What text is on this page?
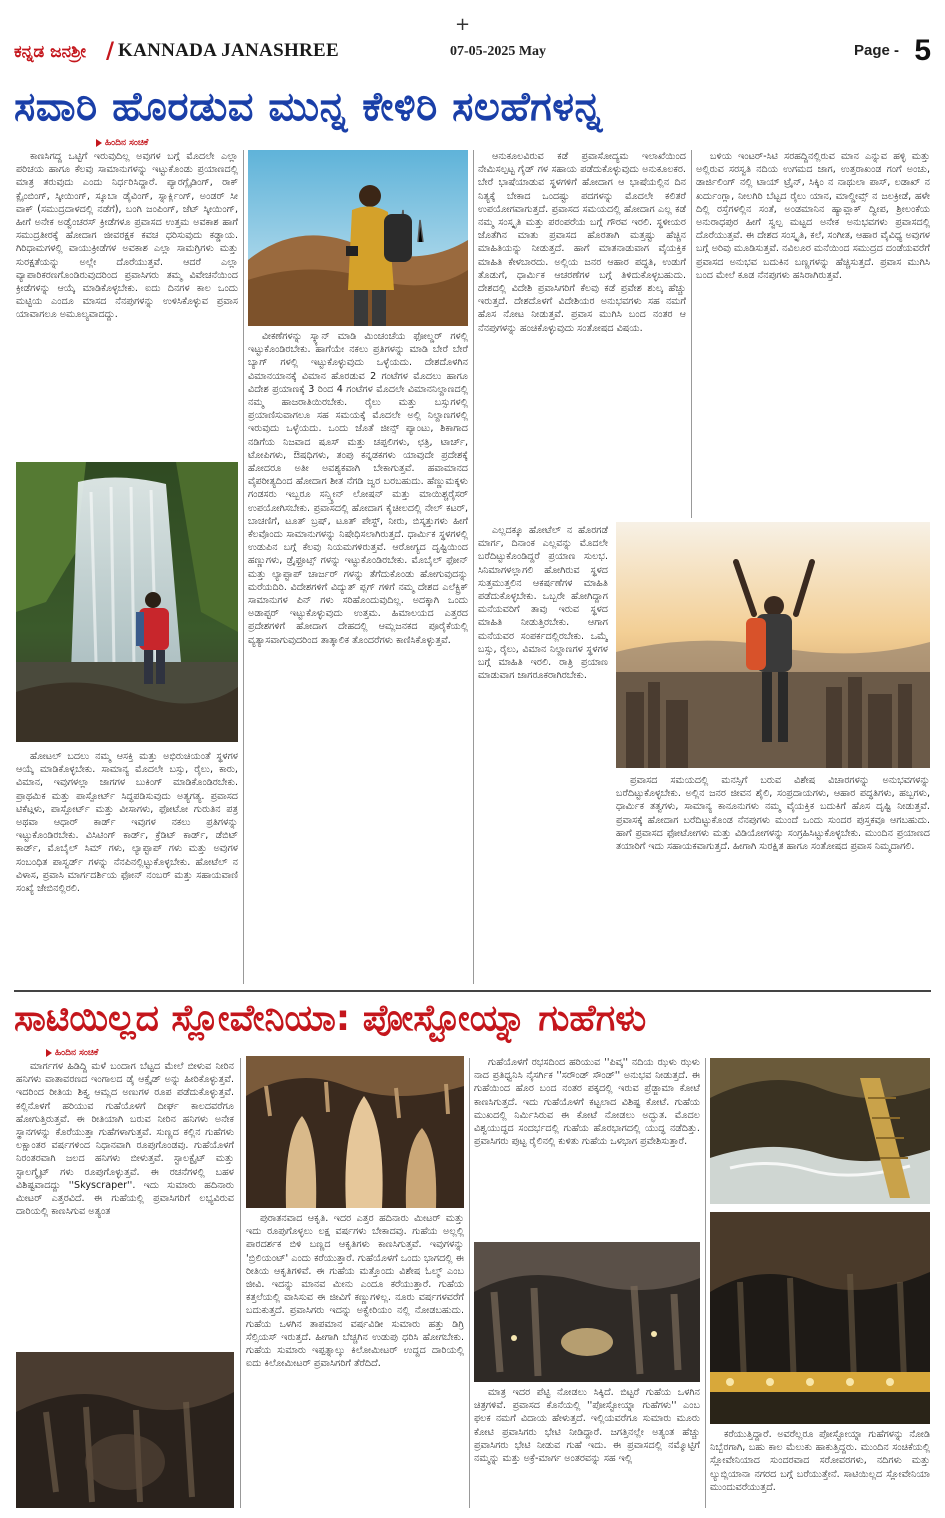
+
ಕನ್ನಡ ಜನಶ್ರೀ / KANNADA JANASHREE	07-05-2025 May	Page - 5
ಸವಾರಿ ಹೊರಡುವ ಮುನ್ನ ಕೇಳಿರಿ ಸಲಹೆಗಳನ್ನ
ಹಿಂದಿನ ಸಂಚಿಕೆ

ಕಾಣಸಿಗದ್ದ ಒಟ್ಟಿಗೆ ಇರುವುದಿಲ್ಲ ಅವುಗಳ ಬಗ್ಗೆ ಮೊದಲೇ ಎಲ್ಲಾ ಪರಿಚಯ ಹಾಗೂ ಕೆಲವು ಸಾಮಾನುಗಳನ್ನು ಇಟ್ಟುಕೊಂಡು ಪ್ರಯಾಣದಲ್ಲಿ ಮಾತ್ರ ತರುವುದು ಎಂದು ನಿರ್ಧರಿಸಿದ್ದಾರೆ. ಪ್ಯಾರಗ್ಲೈಡಿಂಗ್, ರಾಕ್ ಕ್ಲೈಂಬಿಂಗ್, ಸ್ಕೀಯಿಂಗ್, ಸ್ಕೂಬಾ ಡೈವಿಂಗ್, ಸ್ನಾರ್ಕ್ಲಿಂಗ್, ಅಂಡರ್ ಸೀ ವಾಕ್ (ಸಮುದ್ರದಾಳದಲ್ಲಿ ನಡೆಗೆ), ಬಂಗಿ ಜಂಪಿಂಗ್, ಜೆಟ್ ಸ್ಕೀಯಿಂಗ್, ಹೀಗೆ ಅನೇಕ ಅಡ್ವೆಂಚರಸ್ ಕ್ರೀಡೆಗಳೂ ಪ್ರವಾಸದ ಉತ್ತಮ ಅವಕಾಶ ಹಾಗೆ ಸಮುದ್ರತೀರಕ್ಕೆ ಹೋದಾಗ ಜೀವರಕ್ಷಕ ಕವಚ ಧರಿಸುವುದು ಕಡ್ಡಾಯ. ಗಿರಿಧಾಮಗಳಲ್ಲಿ ವಾಯುಕ್ರೀಡೆಗಳ ಅವಕಾಶ ಎಲ್ಲಾ ಸಾಮಗ್ರಿಗಳು ಮತ್ತು ಸುರಕ್ಷತೆಯನ್ನು ಅಲ್ಲೇ ದೊರೆಯುತ್ತವೆ. ಆದರೆ ಎಲ್ಲಾ ವ್ಯಾಪಾರಿಕರಣಗೊಂಡಿರುವುದರಿಂದ ಪ್ರವಾಸಿಗರು ತಮ್ಮ ವಿವೇಚನೆಯಿಂದ ಕ್ರೀಡೆಗಳನ್ನು ಆಯ್ಕೆ ಮಾಡಿಕೊಳ್ಳಬೇಕು. ಐದು ದಿನಗಳ ಕಾಲ ಒಂದು ಮಟ್ಟಿಯ ಎಂದೂ ಮಾಸದ ನೆನಪುಗಳನ್ನು ಉಳಿಸಿಕೊಳ್ಳುವ ಪ್ರವಾಸ ಯಾವಾಗಲೂ ಅಮೂಲ್ಯವಾದದ್ದು.

ಹೋಟಲ್ ಬದಲು ನಮ್ಮ ಆಸಕ್ತಿ ಮತ್ತು ಅಭಿರುಚಿಯಂತೆ ಸ್ಥಳಗಳ ಆಯ್ಕೆ ಮಾಡಿಕೊಳ್ಳಬೇಕು. ಸಾಮಾನ್ಯ ಮೊದಲೇ ಬಸ್ಸು, ರೈಲು, ಕಾರು, ವಿಮಾನ, ಇವುಗಳಲ್ಲಾ ಜಾಗಗಳ ಬುಕಿಂಗ್ ಮಾಡಿಕೊಂಡಿರಬೇಕು. ಪ್ರಾಥಮಿಕ ಮತ್ತು ಪಾಸ್ಪೋರ್ಟ್ ಸಿದ್ಧಪಡಿಸುವುದು ಅತ್ಯಗತ್ಯ. ಪ್ರವಾಸದ ಟಿಕೆಟ್ಗಳು, ಪಾಸ್ಪೋರ್ಟ್ ಮತ್ತು ವೀಸಾಗಳು, ಫೋಟೋ ಗುರುತಿನ ಪತ್ರ ಅಥವಾ ಆಧಾರ್ ಕಾರ್ಡ್ ಇವುಗಳ ನಕಲು ಪ್ರತಿಗಳನ್ನು ಇಟ್ಟುಕೊಂಡಿರಬೇಕು. ವಿಸಿಟಿಂಗ್ ಕಾರ್ಡ್, ಕ್ರೆಡಿಟ್ ಕಾರ್ಡ್, ಡೆಬಿಟ್ ಕಾರ್ಡ್, ಮೊಬೈಲ್ ಸಿಮ್ ಗಳು, ಲ್ಯಾಪ್ಟಾಪ್ ಗಳು ಮತ್ತು ಅವುಗಳ ಸಂಬಂಧಿತ ಪಾಸ್ವರ್ಡ್ ಗಳನ್ನು ನೆನಪಿನಲ್ಲಿಟ್ಟುಕೊಳ್ಳಬೇಕು. ಹೋಟೆಲ್ ನ ವಿಳಾಸ, ಪ್ರವಾಸಿ ಮಾರ್ಗದರ್ಶಿಯ ಫೋನ್ ನಂಬರ್ ಮತ್ತು ಸಹಾಯವಾಣಿ ಸಂಖ್ಯೆ ಜೇಬಿನಲ್ಲಿರಲಿ.

ವೀಕಣೆಗಳನ್ನು ಸ್ಕ್ಯಾನ್ ಮಾಡಿ ಮಿಂಚಂಚೆಯ ಫೋಲ್ಡರ್ ಗಳಲ್ಲಿ ಇಟ್ಟುಕೊಂಡಿರಬೇಕು. ಹಾಗೆಯೇ ನಕಲು ಪ್ರತಿಗಳನ್ನು ಮಾಡಿ ಬೇರೆ ಬೇರೆ ಬ್ಯಾಗ್ ಗಳಲ್ಲಿ ಇಟ್ಟುಕೊಳ್ಳುವುದು ಒಳ್ಳೆಯದು. ದೇಶದೊಳಗಿನ ವಿಮಾನಯಾನಕ್ಕೆ ವಿಮಾನ ಹೊರಡುವ 2 ಗಂಟೆಗಳ ಮೊದಲು ಹಾಗೂ ವಿದೇಶ ಪ್ರಯಾಣಕ್ಕೆ 3 ರಿಂದ 4 ಗಂಟೆಗಳ ಮೊದಲೇ ವಿಮಾನನಿಲ್ದಾಣದಲ್ಲಿ ನಮ್ಮ ಹಾಜರಾತಿಯಿರಬೇಕು. ರೈಲು ಮತ್ತು ಬಸ್ಸುಗಳಲ್ಲಿ ಪ್ರಯಾಣಿಸುವಾಗಲೂ ಸಹ ಸಮಯಕ್ಕೆ ಮೊದಲೇ ಅಲ್ಲಿ ನಿಲ್ದಾಣಗಳಲ್ಲಿ ಇರುವುದು ಒಳ್ಳೆಯದು. ಒಂದು ಜೊತೆ ಜೀನ್ಸ್ ಪ್ಯಾಂಟು, ಶಿಕಾಗಾದ ನಡಿಗೆಯ ನಿಜವಾದ ಷೂಸ್ ಮತ್ತು ಚಪ್ಪಲಿಗಳು, ಛತ್ರಿ, ಟಾರ್ಚ್, ಟೋಪಿಗಳು, ಔಷಧಿಗಳು, ತಂಪು ಕನ್ನಡಕಗಳು ಯಾವುದೇ ಪ್ರದೇಶಕ್ಕೆ ಹೋದರೂ ಅತೀ ಅವಶ್ಯಕವಾಗಿ ಬೇಕಾಗುತ್ತವೆ. ಹವಾಮಾನದ ವೈಪರೀತ್ಯದಿಂದ ಹೋದಾಗ ಶೀತ ನೆಗಡಿ ಜ್ವರ ಬರಬಹುದು. ಹೆಣ್ಣುಮಕ್ಕಳು ಗಂಡಸರು ಇಬ್ಬರೂ ಸನ್ಸ್ಕ್ರೀನ್ ಲೋಷನ್ ಮತ್ತು ಮಾಯಿಶ್ಚರೈಸರ್ ಉಪಯೋಗಿಸಬೇಕು. ಪ್ರವಾಸದಲ್ಲಿ ಹೋದಾಗ ಕೈಚೀಲದಲ್ಲಿ ನೇಲ್ ಕಟರ್, ಬಾಚಣಿಗೆ, ಟೂತ್ ಬ್ರಷ್, ಟೂತ್ ಪೇಸ್ಟ್, ನೀರು, ಬಿಸ್ಕತ್ತುಗಳು ಹೀಗೆ ಕೆಲವೊಂದು ಸಾಮಾನುಗಳನ್ನು ನಿಷೇಧಿಸಲಾಗಿರುತ್ತದೆ. ಧಾರ್ಮಿಕ ಸ್ಥಳಗಳಲ್ಲಿ ಉಡುಪಿನ ಬಗ್ಗೆ ಕೆಲವು ನಿಯಮಗಳಿರುತ್ತವೆ. ಆರೋಗ್ಯದ ದೃಷ್ಟಿಯಿಂದ ಹಣ್ಣುಗಳು, ಡ್ರೈಫ್ರೂಟ್ಸ್ ಗಳನ್ನು ಇಟ್ಟುಕೊಂಡಿರಬೇಕು. ಮೊಬೈಲ್ ಫೋನ್ ಮತ್ತು ಲ್ಯಾಪ್ಟಾಪ್ ಚಾರ್ಜರ್ ಗಳನ್ನು ತೆಗೆದುಕೊಂಡು ಹೋಗುವುದನ್ನು ಮರೆಯದಿರಿ. ವಿದೇಶಗಳಿಗೆ ವಿದ್ಯುತ್ ಪ್ಲಗ್ ಗಳಿಗೆ ನಮ್ಮ ದೇಶದ ಎಲೆಕ್ಟ್ರಿಕ್ ಸಾಮಾನುಗಳ ಪಿನ್ ಗಳು ಸರಿಹೊಂದುವುದಿಲ್ಲ. ಅದಕ್ಕಾಗಿ ಒಂದು ಅಡಾಪ್ಟರ್ ಇಟ್ಟುಕೊಳ್ಳುವುದು ಉತ್ತಮ. ಹಿಮಾಲಯದ ಎತ್ತರದ ಪ್ರದೇಶಗಳಿಗೆ ಹೋದಾಗ ದೇಹದಲ್ಲಿ ಆಮ್ಲಜನಕದ ಪೂರೈಕೆಯಲ್ಲಿ ವ್ಯತ್ಯಾಸವಾಗುವುದರಿಂದ ತಾತ್ಕಾಲಿಕ ತೊಂದರೆಗಳು ಕಾಣಿಸಿಕೊಳ್ಳುತ್ತವೆ.

ಆನುಕೂಲವಿರುವ ಕಡೆ ಪ್ರವಾಸೋದ್ಯಮ ಇಲಾಖೆಯಿಂದ ನೇಮಿಸಲ್ಪಟ್ಟ ಗೈಡ್ ಗಳ ಸಹಾಯ ಪಡೆದುಕೊಳ್ಳುವುದು ಅನುಕೂಲಕರ. ಬೇರೆ ಭಾಷೆಯಾಡುವ ಸ್ಥಳಗಳಿಗೆ ಹೋದಾಗ ಆ ಭಾಷೆಯಲ್ಲಿನ ದಿನ ನಿತ್ಯಕ್ಕೆ ಬೇಕಾದ ಒಂದಷ್ಟು ಪದಗಳನ್ನು ಮೊದಲೇ ಕಲಿತರೆ ಉಪಯೋಗವಾಗುತ್ತದೆ. ಪ್ರವಾಸದ ಸಮಯದಲ್ಲಿ ಹೋದಾಗ ಎಲ್ಲ ಕಡೆ ನಮ್ಮ ಸಂಸ್ಕೃತಿ ಮತ್ತು ಪರಂಪರೆಯ ಬಗ್ಗೆ ಗೌರವ ಇರಲಿ. ಸ್ಥಳೀಯರ ಜೊತೆಗಿನ ಮಾತು ಪ್ರವಾಸದ ಹೊರತಾಗಿ ಮತ್ತಷ್ಟು ಹೆಚ್ಚಿನ ಮಾಹಿತಿಯನ್ನು ನೀಡುತ್ತದೆ. ಹಾಗೆ ಮಾತನಾಡುವಾಗ ವೈಯಕ್ತಿಕ ಮಾಹಿತಿ ಕೇಳಬಾರದು. ಅಲ್ಲಿಯ ಜನರ ಆಹಾರ ಪದ್ಧತಿ, ಉಡುಗೆ ತೊಡುಗೆ, ಧಾರ್ಮಿಕ ಆಚರಣೆಗಳ ಬಗ್ಗೆ ತಿಳಿದುಕೊಳ್ಳಬಹುದು. ದೇಶದಲ್ಲಿ ವಿದೇಶಿ ಪ್ರವಾಸಿಗರಿಗೆ ಕೆಲವು ಕಡೆ ಪ್ರವೇಶ ಶುಲ್ಕ ಹೆಚ್ಚು ಇರುತ್ತದೆ. ದೇಶದೊಳಗೆ ವಿದೇಶಿಯರ ಅನುಭವಗಳು ಸಹ ನಮಗೆ ಹೊಸ ನೋಟ ನೀಡುತ್ತವೆ. ಪ್ರವಾಸ ಮುಗಿಸಿ ಬಂದ ನಂತರ ಆ ನೆನಪುಗಳನ್ನು ಹಂಚಿಕೊಳ್ಳುವುದು ಸಂತೋಷದ ವಿಷಯ.

ಎಲ್ಲದಕ್ಕೂ ಹೋಟೆಲ್ ನ ಹೊರಗಡೆ ಮಾರ್ಗ, ದಿನಾಂಕ ಎಲ್ಲವನ್ನು ಮೊದಲೇ ಬರೆದಿಟ್ಟುಕೊಂಡಿದ್ದರೆ ಪ್ರಯಾಣ ಸುಲಭ. ಸಿನಿಮಾಗಳಲ್ಲಾಗಲಿ ಹೋಗಿರುವ ಸ್ಥಳದ ಸುತ್ತಮುತ್ತಲಿನ ಆಕರ್ಷಣೆಗಳ ಮಾಹಿತಿ ಪಡೆದುಕೊಳ್ಳಬೇಕು. ಒಬ್ಬರೇ ಹೋಗಿದ್ದಾಗ ಮನೆಯವರಿಗೆ ತಾವು ಇರುವ ಸ್ಥಳದ ಮಾಹಿತಿ ನೀಡುತ್ತಿರಬೇಕು. ಆಗಾಗ ಮನೆಯವರ ಸಂಪರ್ಕದಲ್ಲಿರಬೇಕು. ಒಮ್ಮೆ ಬಸ್ಸು, ರೈಲು, ವಿಮಾನ ನಿಲ್ದಾಣಗಳ ಸ್ಥಳಗಳ ಬಗ್ಗೆ ಮಾಹಿತಿ ಇರಲಿ. ರಾತ್ರಿ ಪ್ರಯಾಣ ಮಾಡುವಾಗ ಜಾಗರೂಕರಾಗಿರಬೇಕು.

ಬಳಿಯ ಇಂಟರ್-ಸಿಟಿ ಸರಹದ್ದಿನಲ್ಲಿರುವ ಮಾನ ಎನ್ನುವ ಹಳ್ಳಿ ಮತ್ತು ಅಲ್ಲಿರುವ ಸರಸ್ವತಿ ನದಿಯ ಉಗಮದ ಜಾಗ, ಉತ್ತರಾಖಂಡ ಗಂಗೆ ಅಂಚು, ಡಾರ್ಜಿಲಿಂಗ್ ನಲ್ಲಿ ಟಾಯ್ ಟ್ರೈನ್, ಸಿಕ್ಕಿಂ ನ ನಾಥುಲಾ ಪಾಸ್, ಲಡಾಖ್ ನ ಖರ್ದುಂಗ್ಲಾ, ನೀಲಗಿರಿ ಬೆಟ್ಟದ ರೈಲು ಯಾನ, ಮಾಲ್ಡೀವ್ಸ್ ನ ಜಲಕ್ರೀಡೆ, ಹಳೇ ದಿಲ್ಲಿ ರಸ್ತೆಗಳಲ್ಲಿನ ಸಂತೆ, ಅಂಡಮಾನಿನ ಹ್ಯಾವ್ಲಾಕ್ ದ್ವೀಪ, ಶ್ರೀಲಂಕೆಯ ಅನುರಾಧಪುರ ಹೀಗೆ ಸ್ವಲ್ಪ ಮಟ್ಟದ ಅನೇಕ ಅನುಭವಗಳು ಪ್ರವಾಸದಲ್ಲಿ ದೊರೆಯುತ್ತವೆ. ಈ ದೇಶದ ಸಂಸ್ಕೃತಿ, ಕಲೆ, ಸಂಗೀತ, ಆಹಾರ ವೈವಿಧ್ಯ ಅವುಗಳ ಬಗ್ಗೆ ಅರಿವು ಮೂಡಿಸುತ್ತವೆ. ನವಿಲೂರ ಮನೆಯಿಂದ ಸಮುದ್ರದ ದಂಡೆಯವರೆಗೆ ಪ್ರವಾಸದ ಅನುಭವ ಬದುಕಿನ ಬಣ್ಣಗಳನ್ನು ಹೆಚ್ಚಿಸುತ್ತದೆ. ಪ್ರವಾಸ ಮುಗಿಸಿ ಬಂದ ಮೇಲೆ ಕೂಡ ನೆನಪುಗಳು ಹಸಿರಾಗಿರುತ್ತವೆ.

ಪ್ರವಾಸದ ಸಮಯದಲ್ಲಿ ಮನಸ್ಸಿಗೆ ಬರುವ ವಿಶೇಷ ವಿಚಾರಗಳನ್ನು ಅನುಭವಗಳನ್ನು ಬರೆದಿಟ್ಟುಕೊಳ್ಳಬೇಕು. ಅಲ್ಲಿನ ಜನರ ಜೀವನ ಶೈಲಿ, ಸಂಪ್ರದಾಯಗಳು, ಆಹಾರ ಪದ್ಧತಿಗಳು, ಹಬ್ಬಗಳು, ಧಾರ್ಮಿಕ ತತ್ವಗಳು, ಸಾಮಾನ್ಯ ಕಾನೂನುಗಳು ನಮ್ಮ ವೈಯಕ್ತಿಕ ಬದುಕಿಗೆ ಹೊಸ ದೃಷ್ಟಿ ನೀಡುತ್ತವೆ. ಪ್ರವಾಸಕ್ಕೆ ಹೋದಾಗ ಬರೆದಿಟ್ಟುಕೊಂಡ ನೆನಪುಗಳು ಮುಂದೆ ಒಂದು ಸುಂದರ ಪುಸ್ತಕವೂ ಆಗಬಹುದು. ಹಾಗೆ ಪ್ರವಾಸದ ಫೋಟೋಗಳು ಮತ್ತು ವಿಡಿಯೋಗಳನ್ನು ಸಂಗ್ರಹಿಸಿಟ್ಟುಕೊಳ್ಳಬೇಕು. ಮುಂದಿನ ಪ್ರಯಾಣದ ತಯಾರಿಗೆ ಇದು ಸಹಾಯಕವಾಗುತ್ತದೆ. ಹೀಗಾಗಿ ಸುರಕ್ಷಿತ ಹಾಗೂ ಸಂತೋಷದ ಪ್ರವಾಸ ನಿಮ್ಮದಾಗಲಿ.

ಸಾಟಿಯಿಲ್ಲದ ಸ್ಲೋವೇನಿಯಾ: ಪೋಸ್ಟೋಯ್ನಾ ಗುಹೆಗಳು
ಹಿಂದಿನ ಸಂಚಿಕೆ

ಮಾರ್ಗಗಳ ಹಿಡಿದ್ದಿ ಮಳೆ ಬಂದಾಗ ಬೆಟ್ಟದ ಮೇಲೆ ಬೀಳುವ ನೀರಿನ ಹನಿಗಳು ವಾತಾವರಣದ ಇಂಗಾಲದ ಡೈ ಆಕ್ಸೈಡ್ ಅನ್ನು ಹೀರಿಕೊಳ್ಳುತ್ತವೆ. ಇದರಿಂದ ರೀತಿಯ ಶಿಕ್ತ್ಯ ಆಮ್ಲದ ಅಣುಗಳ ರೂಪ ಪಡೆದುಕೊಳ್ಳುತ್ತವೆ. ಕಲ್ಲಿನೊಳಗೆ ಹರಿಯುವ ಗುಹೆಯೊಳಗೆ ದೀರ್ಘ ಕಾಲದವರೆಗೂ ಹೋಗುತ್ತಿರುತ್ತವೆ. ಈ ರೀತಿಯಾಗಿ ಬರುವ ನೀರಿನ ಹನಿಗಳು ಅನೇಕ ಸ್ಥಾನಗಳನ್ನು ಕೊರೆಯುತ್ತಾ ಗುಹೆಗಳಾಗುತ್ತವೆ. ಸುಣ್ಣದ ಕಲ್ಲಿನ ಗುಹೆಗಳು ಲಕ್ಷಾಂತರ ವರ್ಷಗಳಿಂದ ನಿಧಾನವಾಗಿ ರೂಪುಗೊಂಡವು. ಗುಹೆಯೊಳಗೆ ನಿರಂತರವಾಗಿ ಜಲದ ಹನಿಗಳು ಬೀಳುತ್ತವೆ. ಸ್ಟಾಲಕ್ಟೈಟ್ ಮತ್ತು ಸ್ಟಾಲಗ್ಮೈಟ್ ಗಳು ರೂಪುಗೊಳ್ಳುತ್ತವೆ. ಈ ರಚನೆಗಳಲ್ಲಿ ಬಹಳ ವಿಶಿಷ್ಟವಾದದ್ದು ''Skyscraper''. ಇದು ಸುಮಾರು ಹದಿನಾರು ಮೀಟರ್ ಎತ್ತರವಿದೆ. ಈ ಗುಹೆಯಲ್ಲಿ ಪ್ರವಾಸಿಗರಿಗೆ ಲಭ್ಯವಿರುವ ದಾರಿಯಲ್ಲಿ ಕಾಣಸಿಗುವ ಅತ್ಯಂತ

ಪುರಾತನವಾದ ಆಕೃತಿ. ಇದರ ಎತ್ತರ ಹದಿನಾರು ಮೀಟರ್ ಮತ್ತು ಇದು ರೂಪುಗೊಳ್ಳಲು ಲಕ್ಷ ವರ್ಷಗಳು ಬೇಕಾದವು. ಗುಹೆಯ ಅಲ್ಲಲ್ಲಿ ಪಾರದರ್ಶಕ ಬಿಳಿ ಬಣ್ಣದ ಆಕೃತಿಗಳು ಕಾಣಸಿಗುತ್ತವೆ. ಇವುಗಳನ್ನು 'ಬ್ರಿಲಿಯಂಟ್' ಎಂದು ಕರೆಯುತ್ತಾರೆ. ಗುಹೆಯೊಳಗೆ ಒಂದು ಭಾಗದಲ್ಲಿ ಈ ರೀತಿಯ ಆಕೃತಿಗಳಿವೆ. ಈ ಗುಹೆಯ ಮತ್ತೊಂದು ವಿಶೇಷ ಓಲ್ಮ್ ಎಂಬ ಜೀವಿ. ಇದನ್ನು ಮಾನವ ಮೀನು ಎಂದೂ ಕರೆಯುತ್ತಾರೆ. ಗುಹೆಯ ಕತ್ತಲೆಯಲ್ಲಿ ವಾಸಿಸುವ ಈ ಜೀವಿಗೆ ಕಣ್ಣುಗಳಿಲ್ಲ. ನೂರು ವರ್ಷಗಳವರೆಗೆ ಬದುಕುತ್ತದೆ. ಪ್ರವಾಸಿಗರು ಇದನ್ನು ಅಕ್ವೇರಿಯಂ ನಲ್ಲಿ ನೋಡಬಹುದು. ಗುಹೆಯ ಒಳಗಿನ ತಾಪಮಾನ ವರ್ಷವಿಡೀ ಸುಮಾರು ಹತ್ತು ಡಿಗ್ರಿ ಸೆಲ್ಸಿಯಸ್ ಇರುತ್ತದೆ. ಹೀಗಾಗಿ ಬೆಚ್ಚಗಿನ ಉಡುಪು ಧರಿಸಿ ಹೋಗಬೇಕು. ಗುಹೆಯ ಸುಮಾರು ಇಪ್ಪತ್ನಾಲ್ಕು ಕಿಲೋಮೀಟರ್ ಉದ್ದದ ದಾರಿಯಲ್ಲಿ ಐದು ಕಿಲೋಮೀಟರ್ ಪ್ರವಾಸಿಗರಿಗೆ ತೆರೆದಿದೆ.

ಗುಹೆಯೊಳಗೆ ರಭಸದಿಂದ ಹರಿಯುವ ''ಪಿವ್ಕ'' ನದಿಯ ಝಳು ಝಳು ನಾದ ಪ್ರತಿಧ್ವನಿಸಿ ನೈಸರ್ಗಿಕ ''ಸರೌಂಡ್ ಸೌಂಡ್'' ಅನುಭವ ನೀಡುತ್ತದೆ. ಈ ಗುಹೆಯಿಂದ ಹೊರ ಬಂದ ನಂತರ ಪಕ್ಕದಲ್ಲಿ ಇರುವ ಪ್ರೆಡ್ಜಾಮಾ ಕೋಟೆ ಕಾಣಸಿಗುತ್ತದೆ. ಇದು ಗುಹೆಯೊಳಗೆ ಕಟ್ಟಲಾದ ವಿಶಿಷ್ಟ ಕೋಟೆ. ಗುಹೆಯ ಮುಖದಲ್ಲಿ ನಿರ್ಮಿಸಿರುವ ಈ ಕೋಟೆ ನೋಡಲು ಅದ್ಭುತ. ಮೊದಲ ವಿಶ್ವಯುದ್ಧದ ಸಂದರ್ಭದಲ್ಲಿ ಗುಹೆಯ ಹೊರಭಾಗದಲ್ಲಿ ಯುದ್ಧ ನಡೆದಿತ್ತು. ಪ್ರವಾಸಿಗರು ಪುಟ್ಟ ರೈಲಿನಲ್ಲಿ ಕುಳಿತು ಗುಹೆಯ ಒಳಭಾಗ ಪ್ರವೇಶಿಸುತ್ತಾರೆ.

ಮಾತ್ರ ಇದರ ಪೆಟ್ಟಿ ನೋಡಲು ಸಿಕ್ಕಿದೆ. ಬಿಟ್ಟರೆ ಗುಹೆಯ ಒಳಗಿನ ಚಿತ್ರಗಳಿವೆ. ಪ್ರವಾಸದ ಕೊನೆಯಲ್ಲಿ ''ಪೋಸ್ಟೋಯ್ನಾ ಗುಹೆಗಳು'' ಎಂಬ ಫಲಕ ನಮಗೆ ವಿದಾಯ ಹೇಳುತ್ತದೆ. ಇಲ್ಲಿಯವರೆಗೂ ಸುಮಾರು ಮೂರು ಕೋಟಿ ಪ್ರವಾಸಿಗರು ಭೇಟಿ ನೀಡಿದ್ದಾರೆ. ಜಗತ್ತಿನಲ್ಲೇ ಅತ್ಯಂತ ಹೆಚ್ಚು ಪ್ರವಾಸಿಗರು ಭೇಟಿ ನೀಡುವ ಗುಹೆ ಇದು. ಈ ಪ್ರವಾಸದಲ್ಲಿ ನಮ್ಮೊಟ್ಟಿಗೆ ನಮ್ಮನ್ನು ಮತ್ತು ಅಕ್ರೆ-ಮಾರ್ಗ ಅಂತರವನ್ನು ಸಹ ಇಲ್ಲಿ

ಕರೆಯುತ್ತಿದ್ದಾರೆ. ಅವರೆಲ್ಲರೂ ಪೋಸ್ಟೋಯ್ನಾ ಗುಹೆಗಳನ್ನು ನೋಡಿ ನಿಬ್ಬೆರಗಾಗಿ, ಬಹು ಕಾಲ ಮೆಲುಕು ಹಾಕುತ್ತಿದ್ದರು. ಮುಂದಿನ ಸಂಚಿಕೆಯಲ್ಲಿ ಸ್ಲೋವೇನಿಯಾದ ಸುಂದರವಾದ ಸರೋವರಗಳು, ನದಿಗಳು ಮತ್ತು ಲ್ಯುಬ್ಲಿಯಾನಾ ನಗರದ ಬಗ್ಗೆ ಬರೆಯುತ್ತೇನೆ. ಸಾಟಿಯಿಲ್ಲದ ಸ್ಲೋವೇನಿಯಾ ಮುಂದುವರೆಯುತ್ತದೆ.
